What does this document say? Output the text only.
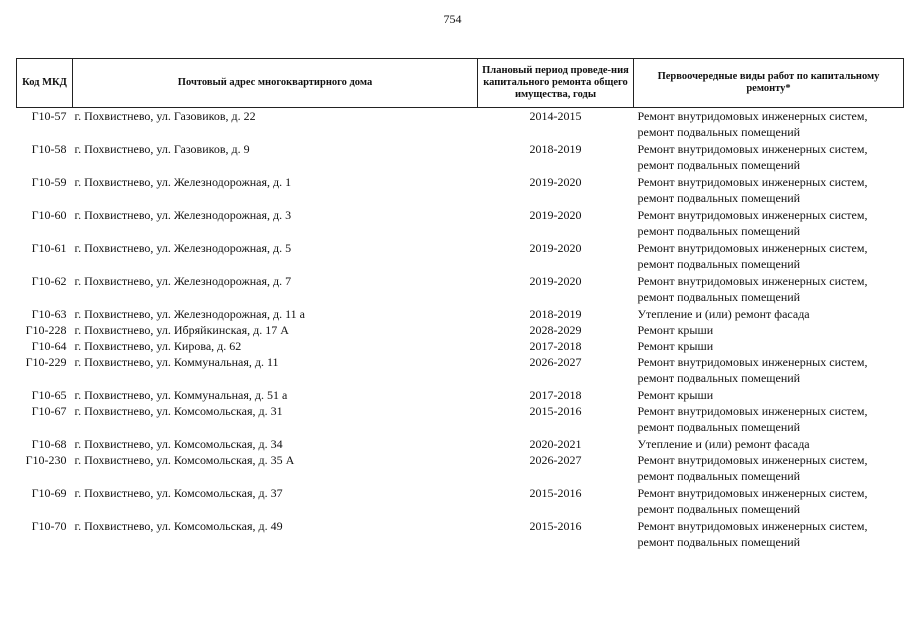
754
Код МКД	Почтовый адрес многоквартирного дома	Плановый период проведе-ния капитального ремонта общего имущества, годы	Первоочередные виды работ по капитальному ремонту*
Г10-57	г. Похвистнево, ул. Газовиков, д. 22	2014-2015	Ремонт внутридомовых инженерных систем,
ремонт подвальных помещений

Г10-58	г. Похвистнево, ул. Газовиков, д. 9	2018-2019	Ремонт внутридомовых инженерных систем,
ремонт подвальных помещений

Г10-59	г. Похвистнево, ул. Железнодорожная, д. 1	2019-2020	Ремонт внутридомовых инженерных систем,
ремонт подвальных помещений

Г10-60	г. Похвистнево, ул. Железнодорожная, д. 3	2019-2020	Ремонт внутридомовых инженерных систем,
ремонт подвальных помещений

Г10-61	г. Похвистнево, ул. Железнодорожная, д. 5	2019-2020	Ремонт внутридомовых инженерных систем,
ремонт подвальных помещений

Г10-62	г. Похвистнево, ул. Железнодорожная, д. 7	2019-2020	Ремонт внутридомовых инженерных систем,
ремонт подвальных помещений

Г10-63	г. Похвистнево, ул. Железнодорожная, д. 11 а	2018-2019	Утепление и (или) ремонт фасада

Г10-228	г. Похвистнево, ул. Ибряйкинская, д. 17 А	2028-2029	Ремонт крыши

Г10-64	г. Похвистнево, ул. Кирова, д. 62	2017-2018	Ремонт крыши

Г10-229	г. Похвистнево, ул. Коммунальная, д. 11	2026-2027	Ремонт внутридомовых инженерных систем,
ремонт подвальных помещений

Г10-65	г. Похвистнево, ул. Коммунальная, д. 51 а	2017-2018	Ремонт крыши

Г10-67	г. Похвистнево, ул. Комсомольская, д. 31	2015-2016	Ремонт внутридомовых инженерных систем,
ремонт подвальных помещений

Г10-68	г. Похвистнево, ул. Комсомольская, д. 34	2020-2021	Утепление и (или) ремонт фасада

Г10-230	г. Похвистнево, ул. Комсомольская, д. 35 А	2026-2027	Ремонт внутридомовых инженерных систем,
ремонт подвальных помещений

Г10-69	г. Похвистнево, ул. Комсомольская, д. 37	2015-2016	Ремонт внутридомовых инженерных систем,
ремонт подвальных помещений

Г10-70	г. Похвистнево, ул. Комсомольская, д. 49	2015-2016	Ремонт внутридомовых инженерных систем,
ремонт подвальных помещений
